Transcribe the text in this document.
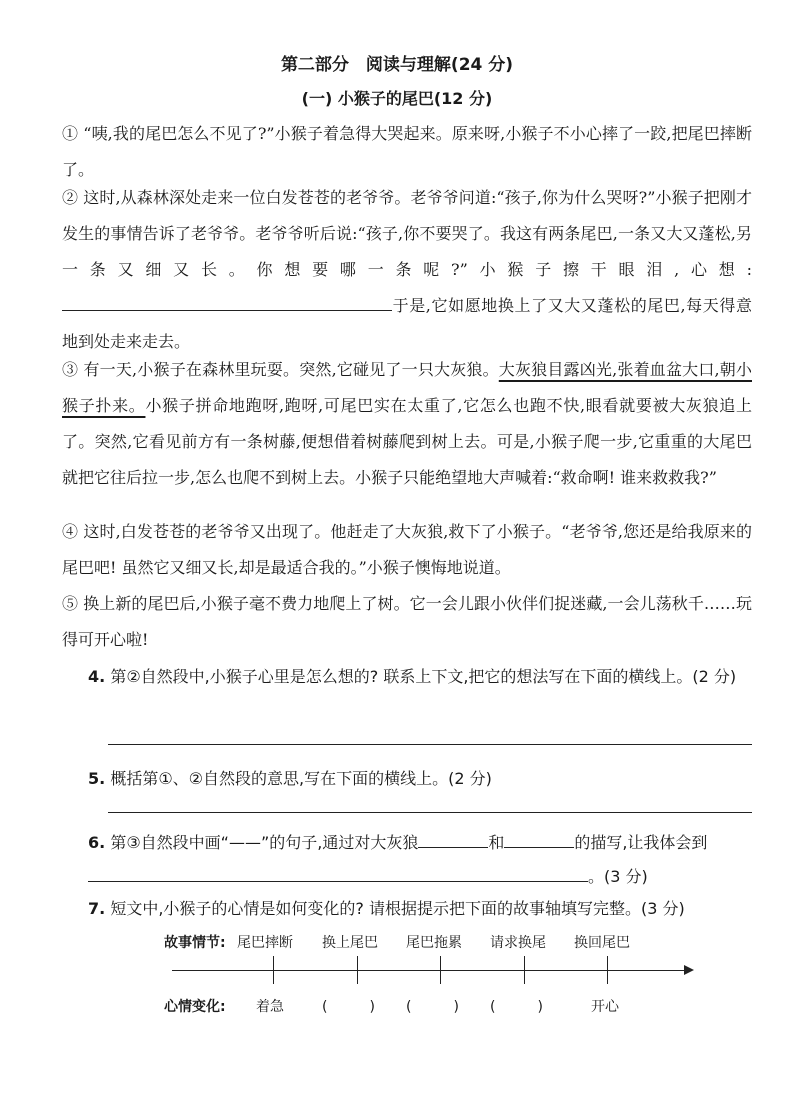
第二部分　阅读与理解(24 分)
(一) 小猴子的尾巴(12 分)
① “咦,我的尾巴怎么不见了?”小猴子着急得大哭起来。原来呀,小猴子不小心摔了一跤,把尾巴摔断了。
② 这时,从森林深处走来一位白发苍苍的老爷爷。老爷爷问道:“孩子,你为什么哭呀?”小猴子把刚才发生的事情告诉了老爷爷。老爷爷听后说:“孩子,你不要哭了。我这有两条尾巴,一条又大又蓬松,另一条又细又长。你想要哪一条呢?”小猴子擦干眼泪,心想:于是,它如愿地换上了又大又蓬松的尾巴,每天得意地到处走来走去。
③ 有一天,小猴子在森林里玩耍。突然,它碰见了一只大灰狼。大灰狼目露凶光,张着血盆大口,朝小猴子扑来。小猴子拼命地跑呀,跑呀,可尾巴实在太重了,它怎么也跑不快,眼看就要被大灰狼追上了。突然,它看见前方有一条树藤,便想借着树藤爬到树上去。可是,小猴子爬一步,它重重的大尾巴就把它往后拉一步,怎么也爬不到树上去。小猴子只能绝望地大声喊着:“救命啊! 谁来救救我?”
④ 这时,白发苍苍的老爷爷又出现了。他赶走了大灰狼,救下了小猴子。“老爷爷,您还是给我原来的尾巴吧! 虽然它又细又长,却是最适合我的。”小猴子懊悔地说道。
⑤ 换上新的尾巴后,小猴子毫不费力地爬上了树。它一会儿跟小伙伴们捉迷藏,一会儿荡秋千……玩得可开心啦!
4. 第②自然段中,小猴子心里是怎么想的? 联系上下文,把它的想法写在下面的横线上。(2 分)
5. 概括第①、②自然段的意思,写在下面的横线上。(2 分)
6. 第③自然段中画“——”的句子,通过对大灰狼	和	的描写,让我体会到。(3 分)
7. 短文中,小猴子的心情是如何变化的? 请根据提示把下面的故事轴填写完整。(3 分)
故事情节: 尾巴摔断 换上尾巴 尾巴拖累 请求换尾 换回尾巴
心情变化: 着急	(　　　) (　　　) (　　　)	开心
